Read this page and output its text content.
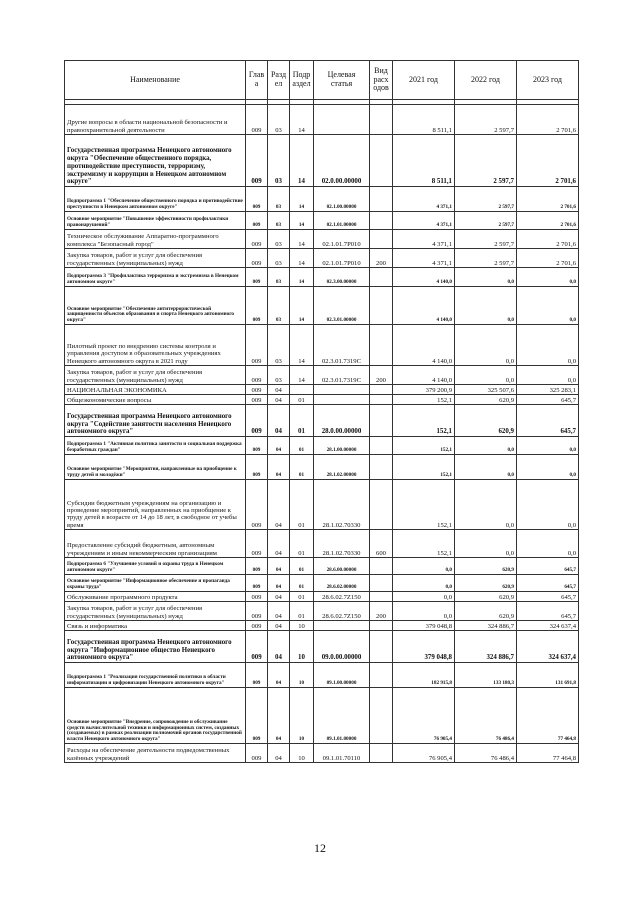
Наименование	Глав а	Разд ел	Подр аздел	Целевая статья	Вид расх одов	2021 год	2022 год	2023 год

Другие вопросы в области национальной безопасности и правоохранительной деятельности	009	03	14			8 511,1	2 597,7	2 701,6
Государственная программа Ненецкого автономного округа "Обеспечение общественного порядка, противодействие преступности, терроризму, экстремизму и коррупции в Ненецком автономном округе"	009	03	14	02.0.00.00000		8 511,1	2 597,7	2 701,6
Подпрограмма 1 "Обеспечение общественного порядка и противодействие преступности в Ненецком автономном округе"	009	03	14	02.1.00.00000		4 371,1	2 597,7	2 701,6
Основное мероприятие "Повышение эффективности профилактики правонарушений"	009	03	14	02.1.01.00000		4 371,1	2 597,7	2 701,6
Техническое обслуживание Аппаратно-программного комплекса "Безопасный город"	009	03	14	02.1.01.7Р010		4 371,1	2 597,7	2 701,6
Закупка товаров, работ и услуг для обеспечения государственных (муниципальных) нужд	009	03	14	02.1.01.7Р010	200	4 371,1	2 597,7	2 701,6
Подпрограмма 3 "Профилактика терроризма и экстремизма в Ненецком автономном округе"	009	03	14	02.3.00.00000		4 140,0	0,0	0,0
Основное мероприятие "Обеспечение антитеррористической защищенности объектов образования и спорта Ненецкого автономного округа"	009	03	14	02.3.01.00000		4 140,0	0,0	0,0
Пилотный проект по внедрению системы контроля и управления доступом в образовательных учреждениях Ненецкого автономного округа в 2021 году	009	03	14	02.3.01.7319С		4 140,0	0,0	0,0
Закупка товаров, работ и услуг для обеспечения государственных (муниципальных) нужд	009	03	14	02.3.01.7319С	200	4 140,0	0,0	0,0
НАЦИОНАЛЬНАЯ ЭКОНОМИКА	009	04				379 200,9	325 507,6	325 283,1
Общеэкономические вопросы	009	04	01			152,1	620,9	645,7
Государственная программа Ненецкого автономного округа "Содействие занятости населения Ненецкого автономного округа"	009	04	01	28.0.00.00000		152,1	620,9	645,7
Подпрограмма 1 "Активная политика занятости и социальная поддержка безработных граждан"	009	04	01	28.1.00.00000		152,1	0,0	0,0
Основное мероприятие "Мероприятия, направленные на приобщение к труду детей и молодёжи"	009	04	01	28.1.02.00000		152,1	0,0	0,0
Субсидии бюджетным учреждениям на организацию и проведение мероприятий, направленных на приобщение к труду детей в возрасте от 14 до 18 лет, в свободное от учебы время	009	04	01	28.1.02.70330		152,1	0,0	0,0
Предоставление субсидий бюджетным, автономным учреждениям и иным некоммерческим организациям	009	04	01	28.1.02.70330	600	152,1	0,0	0,0
Подпрограмма 6 "Улучшение условий и охраны труда в Ненецком автономном округе"	009	04	01	28.6.00.00000		0,0	620,9	645,7
Основное мероприятие "Информационное обеспечение и пропаганда охраны труда"	009	04	01	28.6.02.00000		0,0	620,9	645,7
Обслуживание программного продукта	009	04	01	28.6.02.7Z150		0,0	620,9	645,7
Закупка товаров, работ и услуг для обеспечения государственных (муниципальных) нужд	009	04	01	28.6.02.7Z150	200	0,0	620,9	645,7
Связь и информатика	009	04	10			379 048,8	324 886,7	324 637,4
Государственная программа Ненецкого автономного округа "Информационное общество Ненецкого автономного округа"	009	04	10	09.0.00.00000		379 048,8	324 886,7	324 637,4
Подпрограмма 1 "Реализация государственной политики в области информатизации и цифровизации Ненецкого автономного округа"	009	04	10	09.1.00.00000		182 915,8	133 180,3	131 691,8
Основное мероприятие "Внедрение, сопровождение и обслуживание средств вычислительной техники и информационных систем, созданных (создаваемых) в рамках реализации полномочий органов государственной власти Ненецкого автономного округа"	009	04	10	09.1.01.00000		76 905,4	76 486,4	77 464,8
Расходы на обеспечение деятельности подведомственных казённых учреждений	009	04	10	09.1.01.70110		76 905,4	76 486,4	77 464,8
12
